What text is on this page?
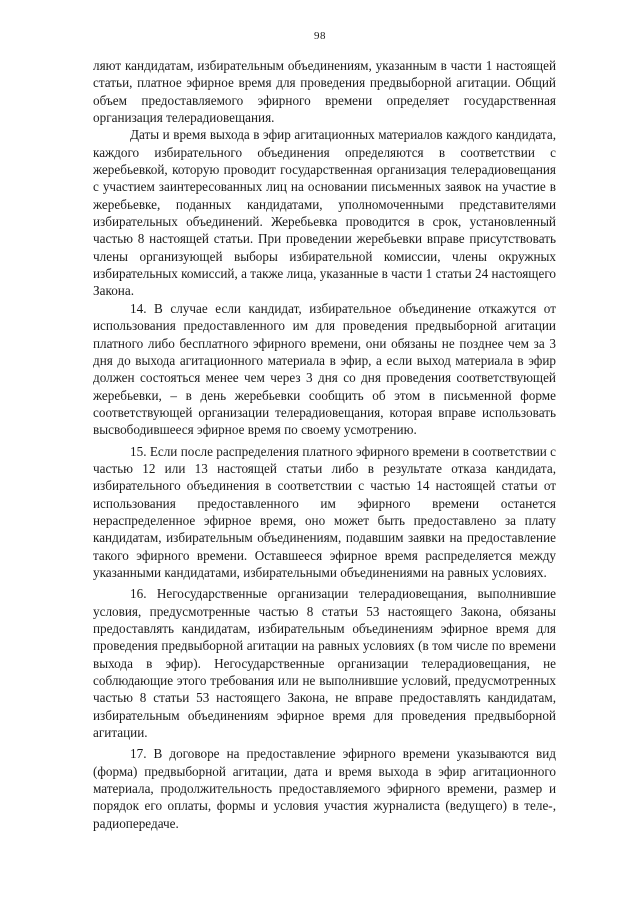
98

ляют кандидатам, избирательным объединениям, указанным в части 1 настоящей статьи, платное эфирное время для проведения предвыборной агитации. Общий объем предоставляемого эфирного времени определяет государственная организация телерадиовещания.

Даты и время выхода в эфир агитационных материалов каждого кандидата, каждого избирательного объединения определяются в соответствии с жеребьевкой, которую проводит государственная организация телерадиовещания с участием заинтересованных лиц на основании письменных заявок на участие в жеребьевке, поданных кандидатами, уполномоченными представителями избирательных объединений. Жеребьевка проводится в срок, установленный частью 8 настоящей статьи. При проведении жеребьевки вправе присутствовать члены организующей выборы избирательной комиссии, члены окружных избирательных комиссий, а также лица, указанные в части 1 статьи 24 настоящего Закона.

14. В случае если кандидат, избирательное объединение откажутся от использования предоставленного им для проведения предвыборной агитации платного либо бесплатного эфирного времени, они обязаны не позднее чем за 3 дня до выхода агитационного материала в эфир, а если выход материала в эфир должен состояться менее чем через 3 дня со дня проведения соответствующей жеребьевки, – в день жеребьевки сообщить об этом в письменной форме соответствующей организации телерадиовещания, которая вправе использовать высвободившееся эфирное время по своему усмотрению.

15. Если после распределения платного эфирного времени в соответствии с частью 12 или 13 настоящей статьи либо в результате отказа кандидата, избирательного объединения в соответствии с частью 14 настоящей статьи от использования предоставленного им эфирного времени останется нераспределенное эфирное время, оно может быть предоставлено за плату кандидатам, избирательным объединениям, подавшим заявки на предоставление такого эфирного времени. Оставшееся эфирное время распределяется между указанными кандидатами, избирательными объединениями на равных условиях.

16. Негосударственные организации телерадиовещания, выполнившие условия, предусмотренные частью 8 статьи 53 настоящего Закона, обязаны предоставлять кандидатам, избирательным объединениям эфирное время для проведения предвыборной агитации на равных условиях (в том числе по времени выхода в эфир). Негосударственные организации телерадиовещания, не соблюдающие этого требования или не выполнившие условий, предусмотренных частью 8 статьи 53 настоящего Закона, не вправе предоставлять кандидатам, избирательным объединениям эфирное время для проведения предвыборной агитации.

17. В договоре на предоставление эфирного времени указываются вид (форма) предвыборной агитации, дата и время выхода в эфир агитационного материала, продолжительность предоставляемого эфирного времени, размер и порядок его оплаты, формы и условия участия журналиста (ведущего) в теле-, радиопередаче.
